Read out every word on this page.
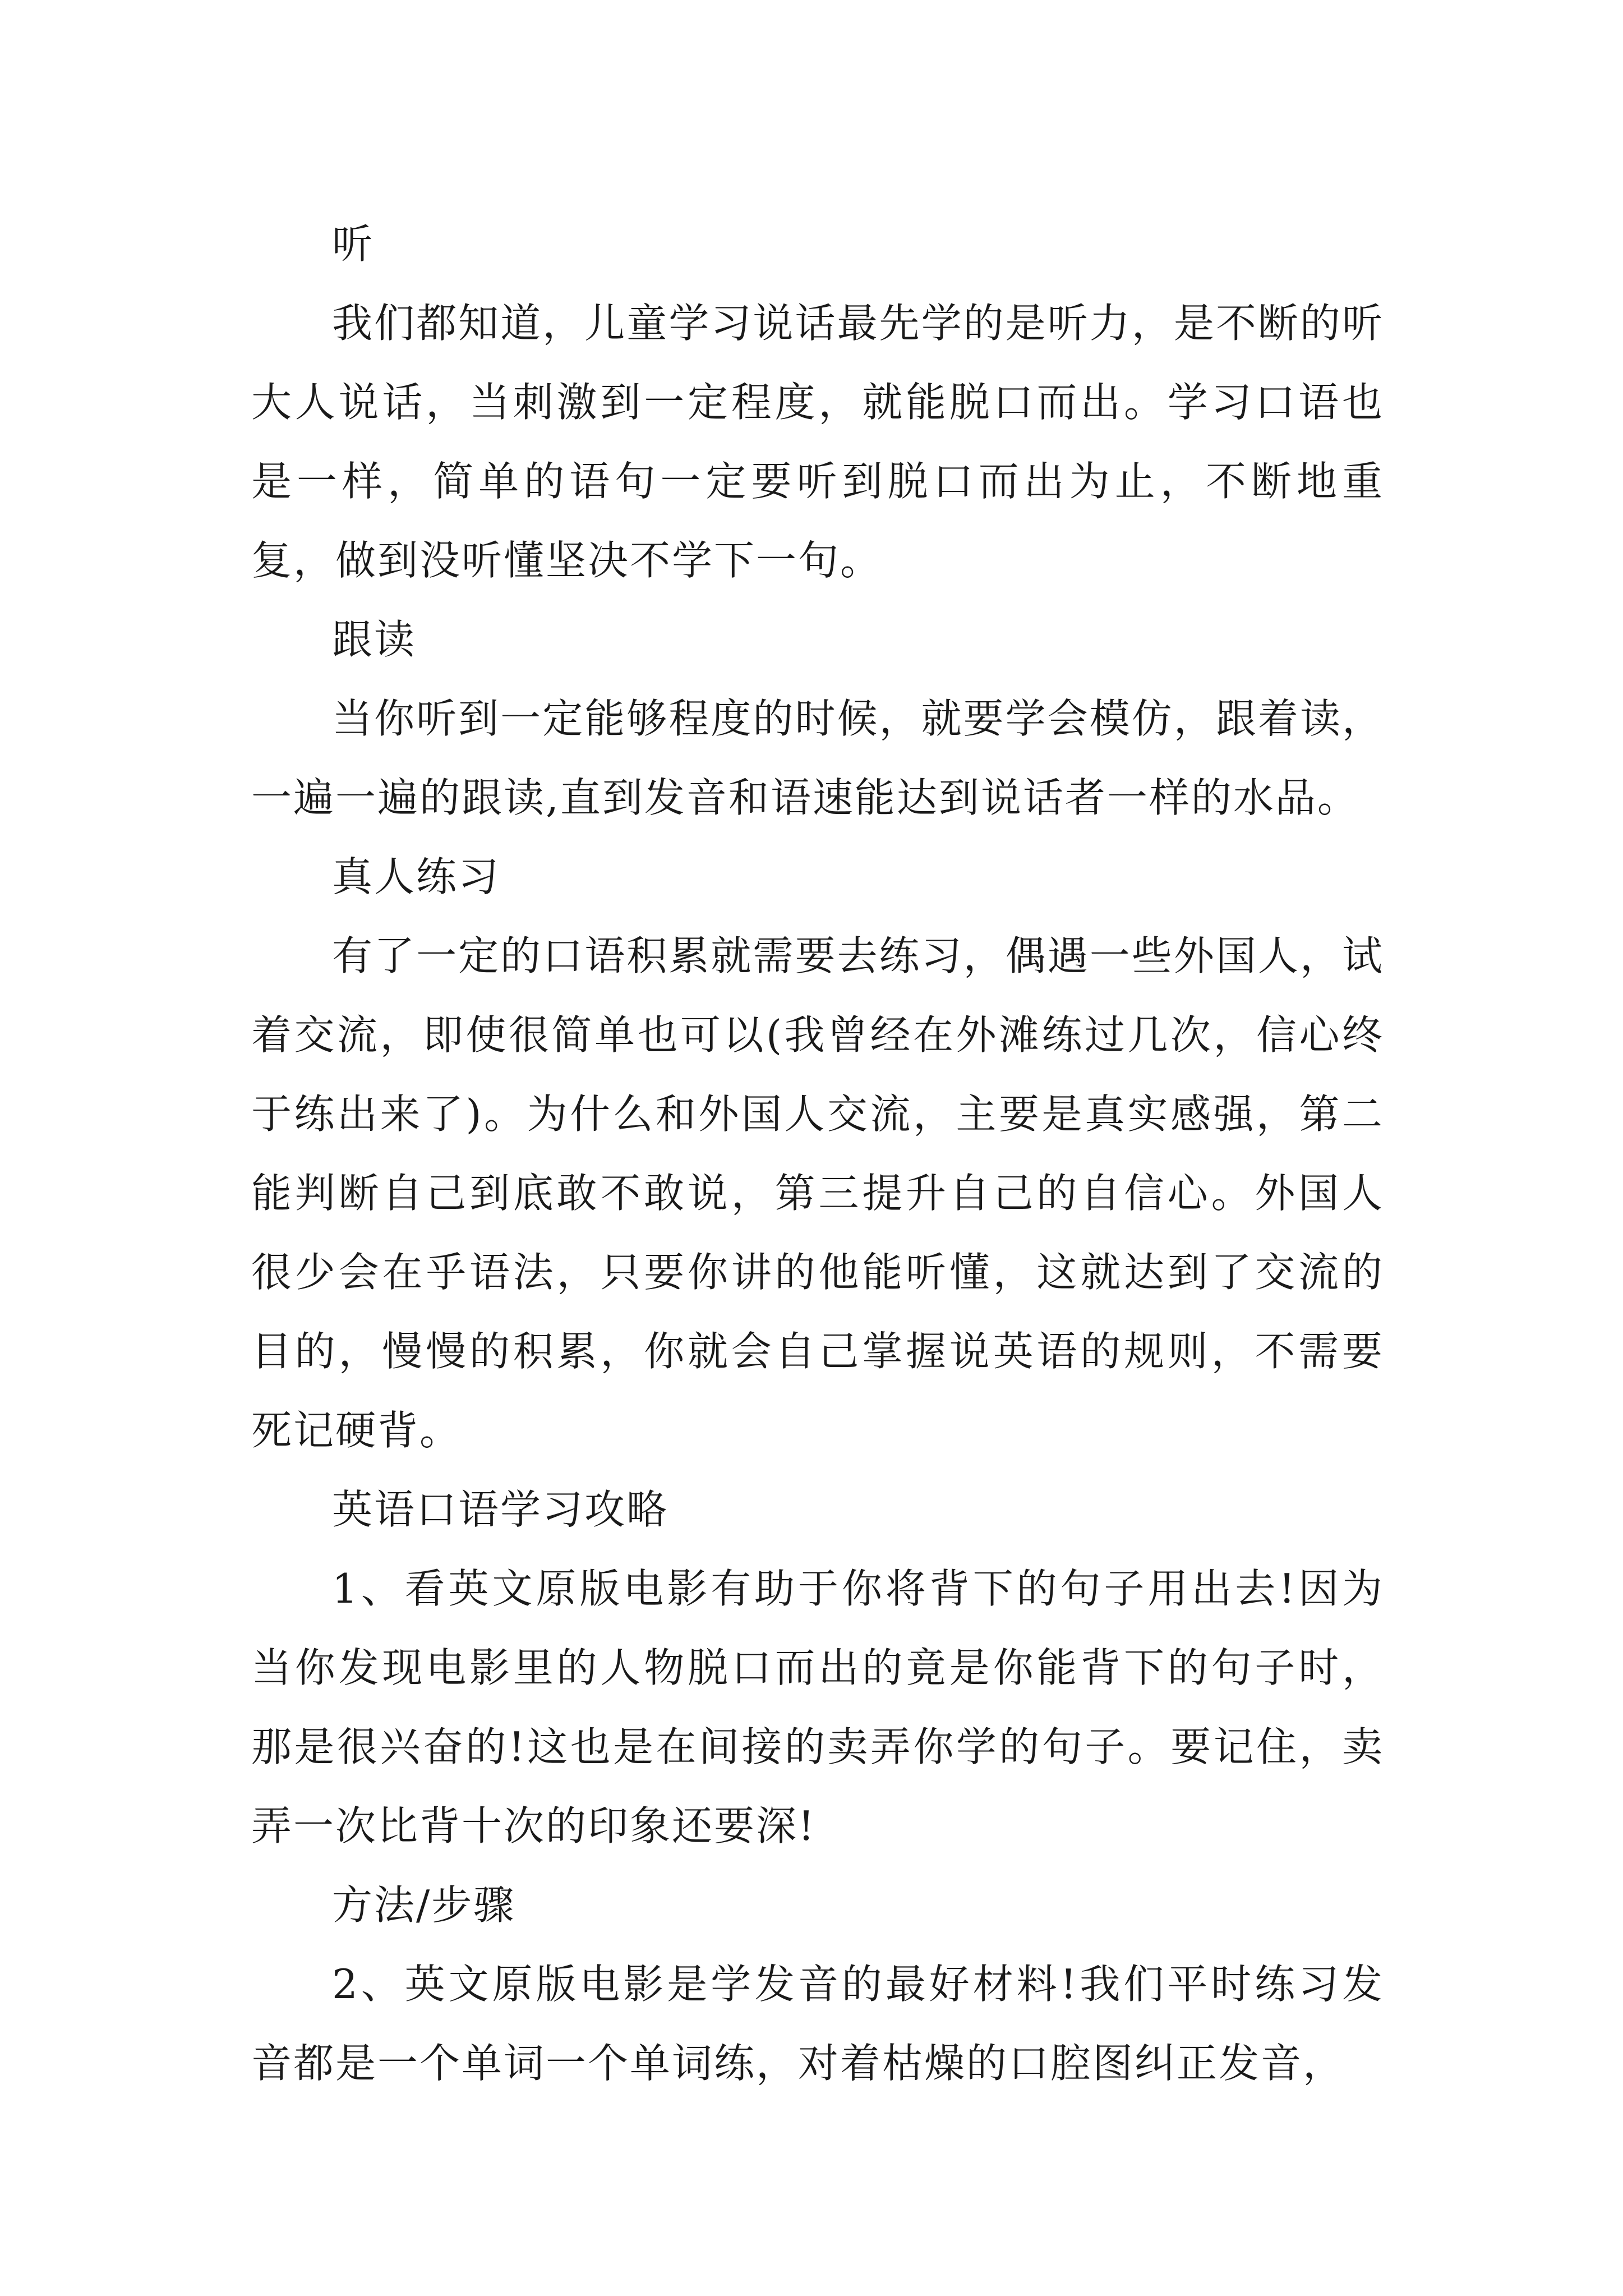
听

我们都知道，儿童学习说话最先学的是听力，是不断的听大人说话，当刺激到一定程度，就能脱口而出。学习口语也是一样，简单的语句一定要听到脱口而出为止，不断地重复，做到没听懂坚决不学下一句。

跟读

当你听到一定能够程度的时候，就要学会模仿，跟着读，一遍一遍的跟读,直到发音和语速能达到说话者一样的水品。

真人练习

有了一定的口语积累就需要去练习，偶遇一些外国人，试着交流，即使很简单也可以(我曾经在外滩练过几次，信心终于练出来了)。为什么和外国人交流，主要是真实感强，第二能判断自己到底敢不敢说，第三提升自己的自信心。外国人很少会在乎语法，只要你讲的他能听懂，这就达到了交流的目的，慢慢的积累，你就会自己掌握说英语的规则，不需要死记硬背。

英语口语学习攻略

1、看英文原版电影有助于你将背下的句子用出去!因为当你发现电影里的人物脱口而出的竟是你能背下的句子时，那是很兴奋的!这也是在间接的卖弄你学的句子。要记住，卖弄一次比背十次的印象还要深!

方法/步骤

2、英文原版电影是学发音的最好材料!我们平时练习发音都是一个单词一个单词练，对着枯燥的口腔图纠正发音，
